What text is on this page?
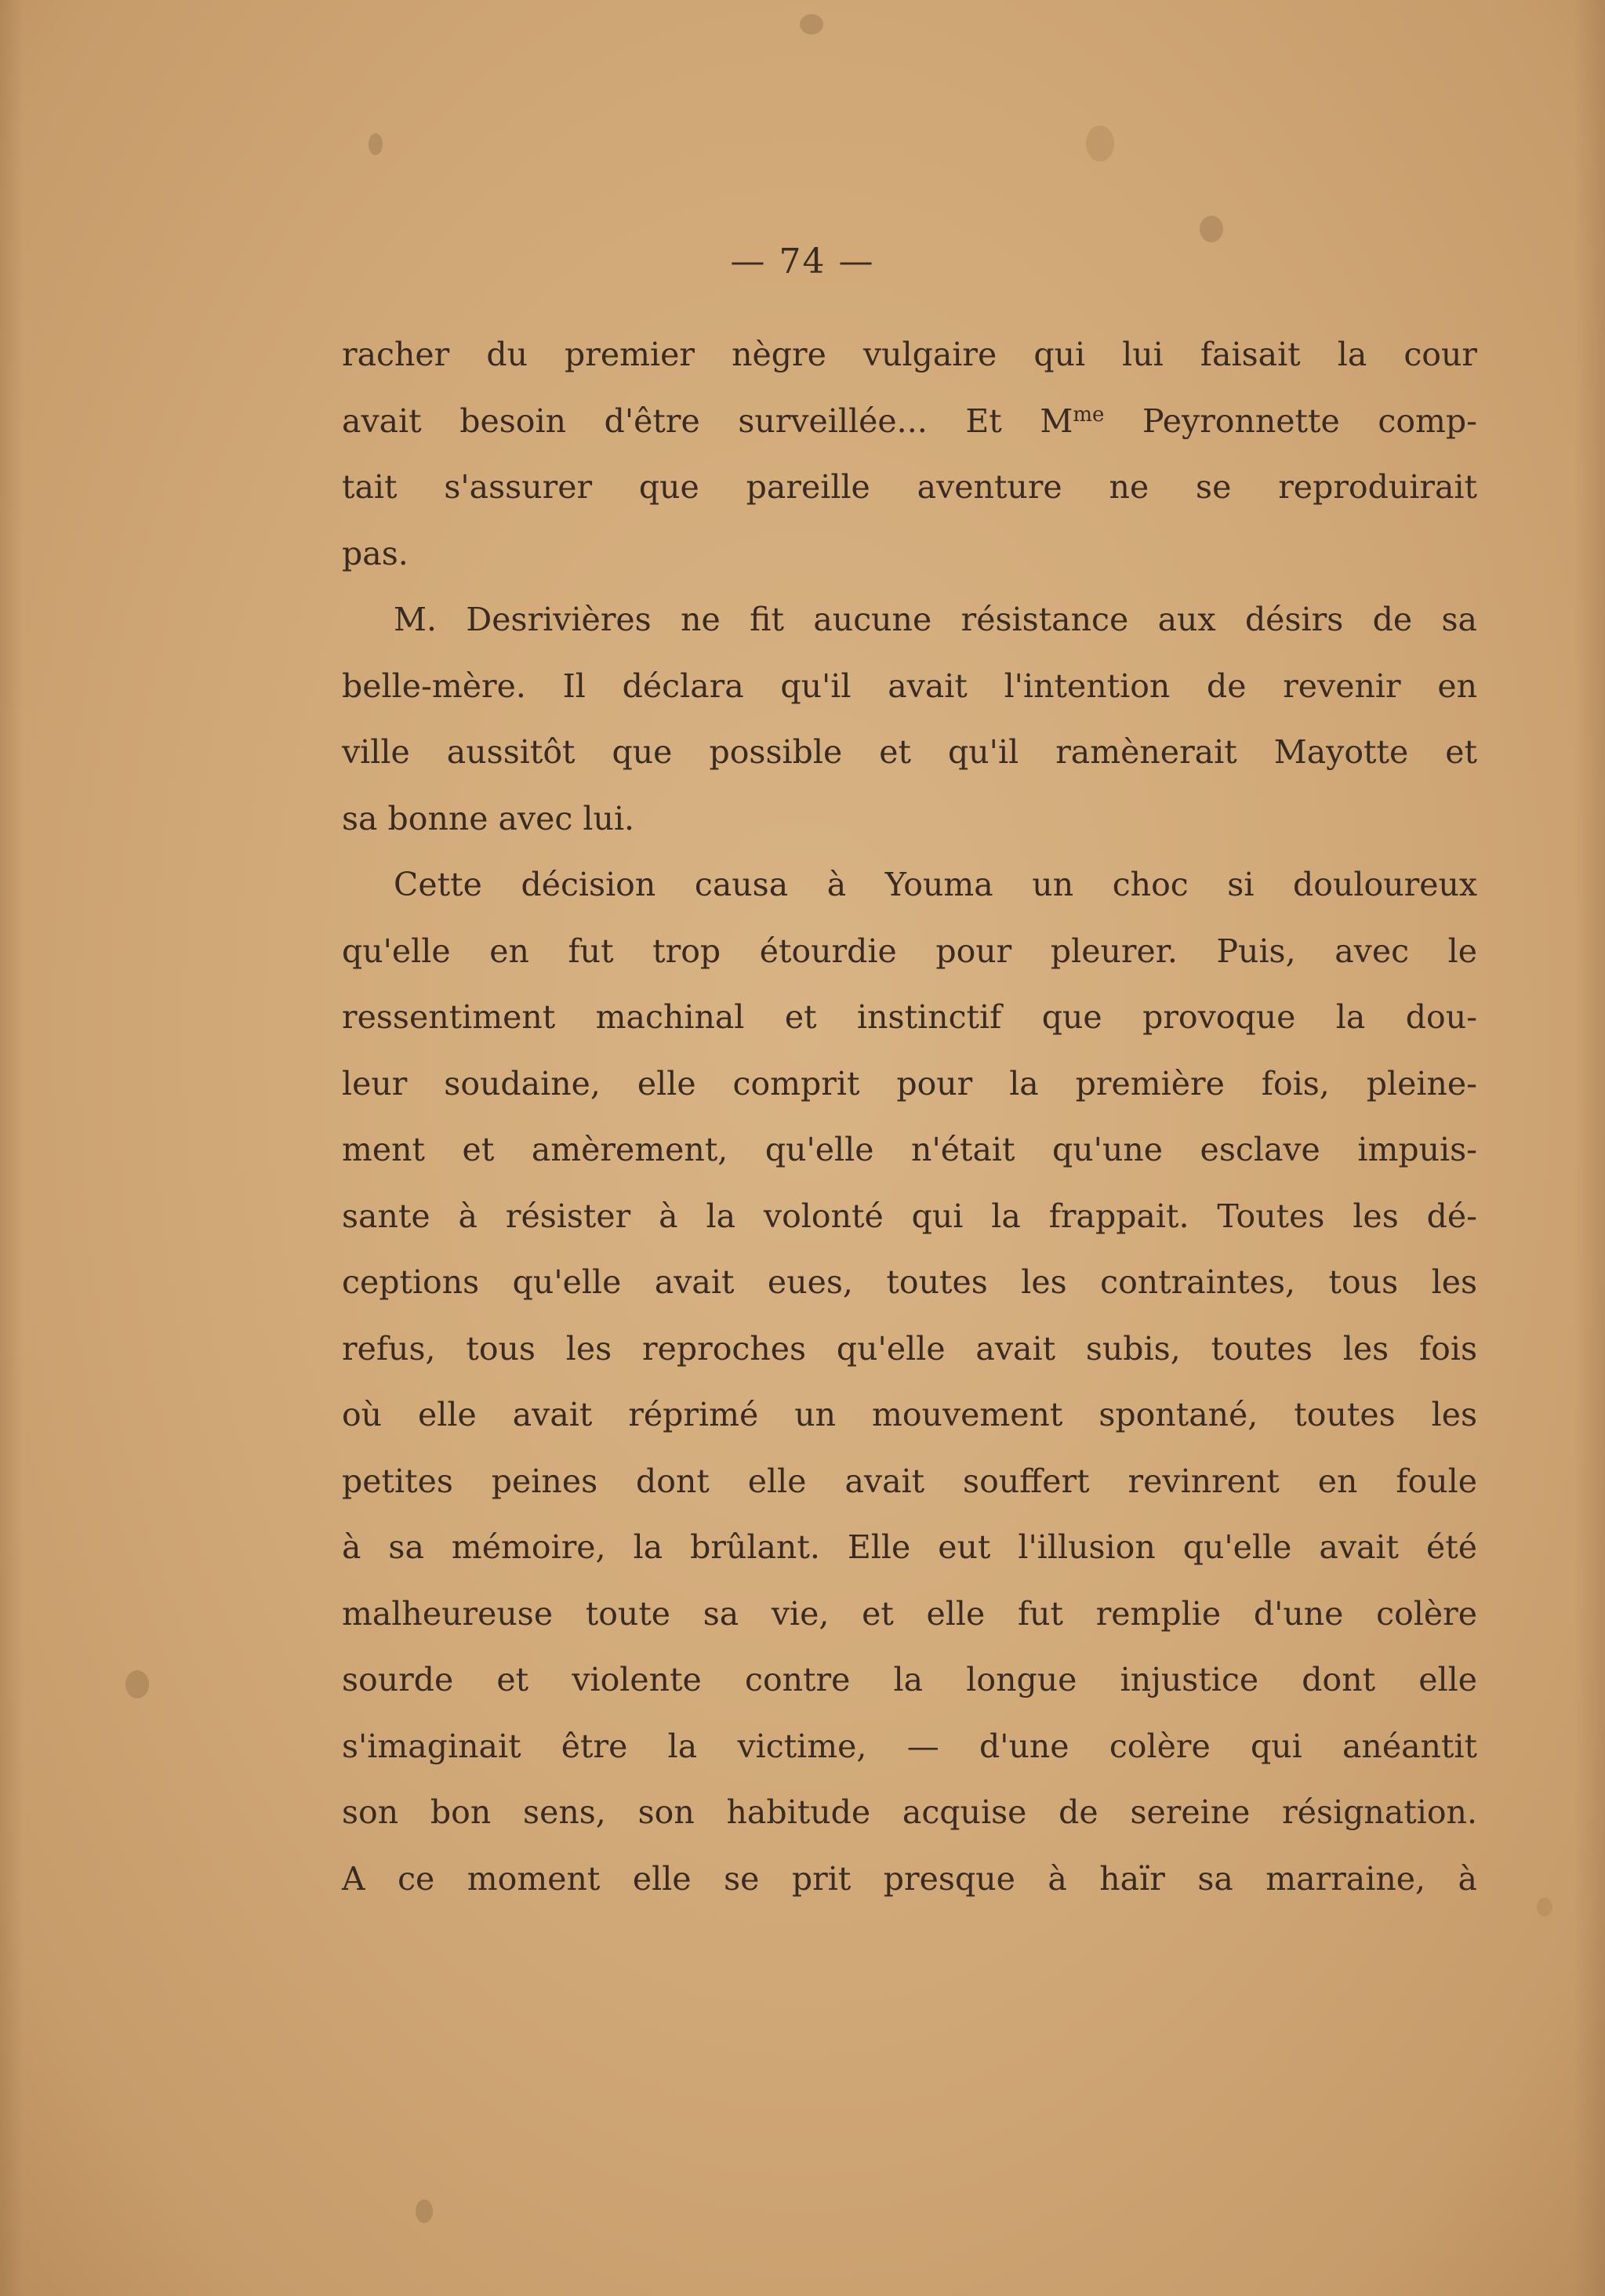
— 74 —
racher du premier nègre vulgaire qui lui faisait la cour
avait besoin d'être surveillée... Et $M^{me}$ Peyronnette comp-
tait s'assurer que pareille aventure ne se reproduirait
pas.
M. Desrivières ne fit aucune résistance aux désirs de sa
belle-mère. Il déclara qu'il avait l'intention de revenir en
ville aussitôt que possible et qu'il ramènerait Mayotte et
sa bonne avec lui.
Cette décision causa à Youma un choc si douloureux
qu'elle en fut trop étourdie pour pleurer. Puis, avec le
ressentiment machinal et instinctif que provoque la dou-
leur soudaine, elle comprit pour la première fois, pleine-
ment et amèrement, qu'elle n'était qu'une esclave impuis-
sante à résister à la volonté qui la frappait. Toutes les dé-
ceptions qu'elle avait eues, toutes les contraintes, tous les
refus, tous les reproches qu'elle avait subis, toutes les fois
où elle avait réprimé un mouvement spontané, toutes les
petites peines dont elle avait souffert revinrent en foule
à sa mémoire, la brûlant. Elle eut l'illusion qu'elle avait été
malheureuse toute sa vie, et elle fut remplie d'une colère
sourde et violente contre la longue injustice dont elle
s'imaginait être la victime, — d'une colère qui anéantit
son bon sens, son habitude acquise de sereine résignation.
A ce moment elle se prit presque à haïr sa marraine, à
